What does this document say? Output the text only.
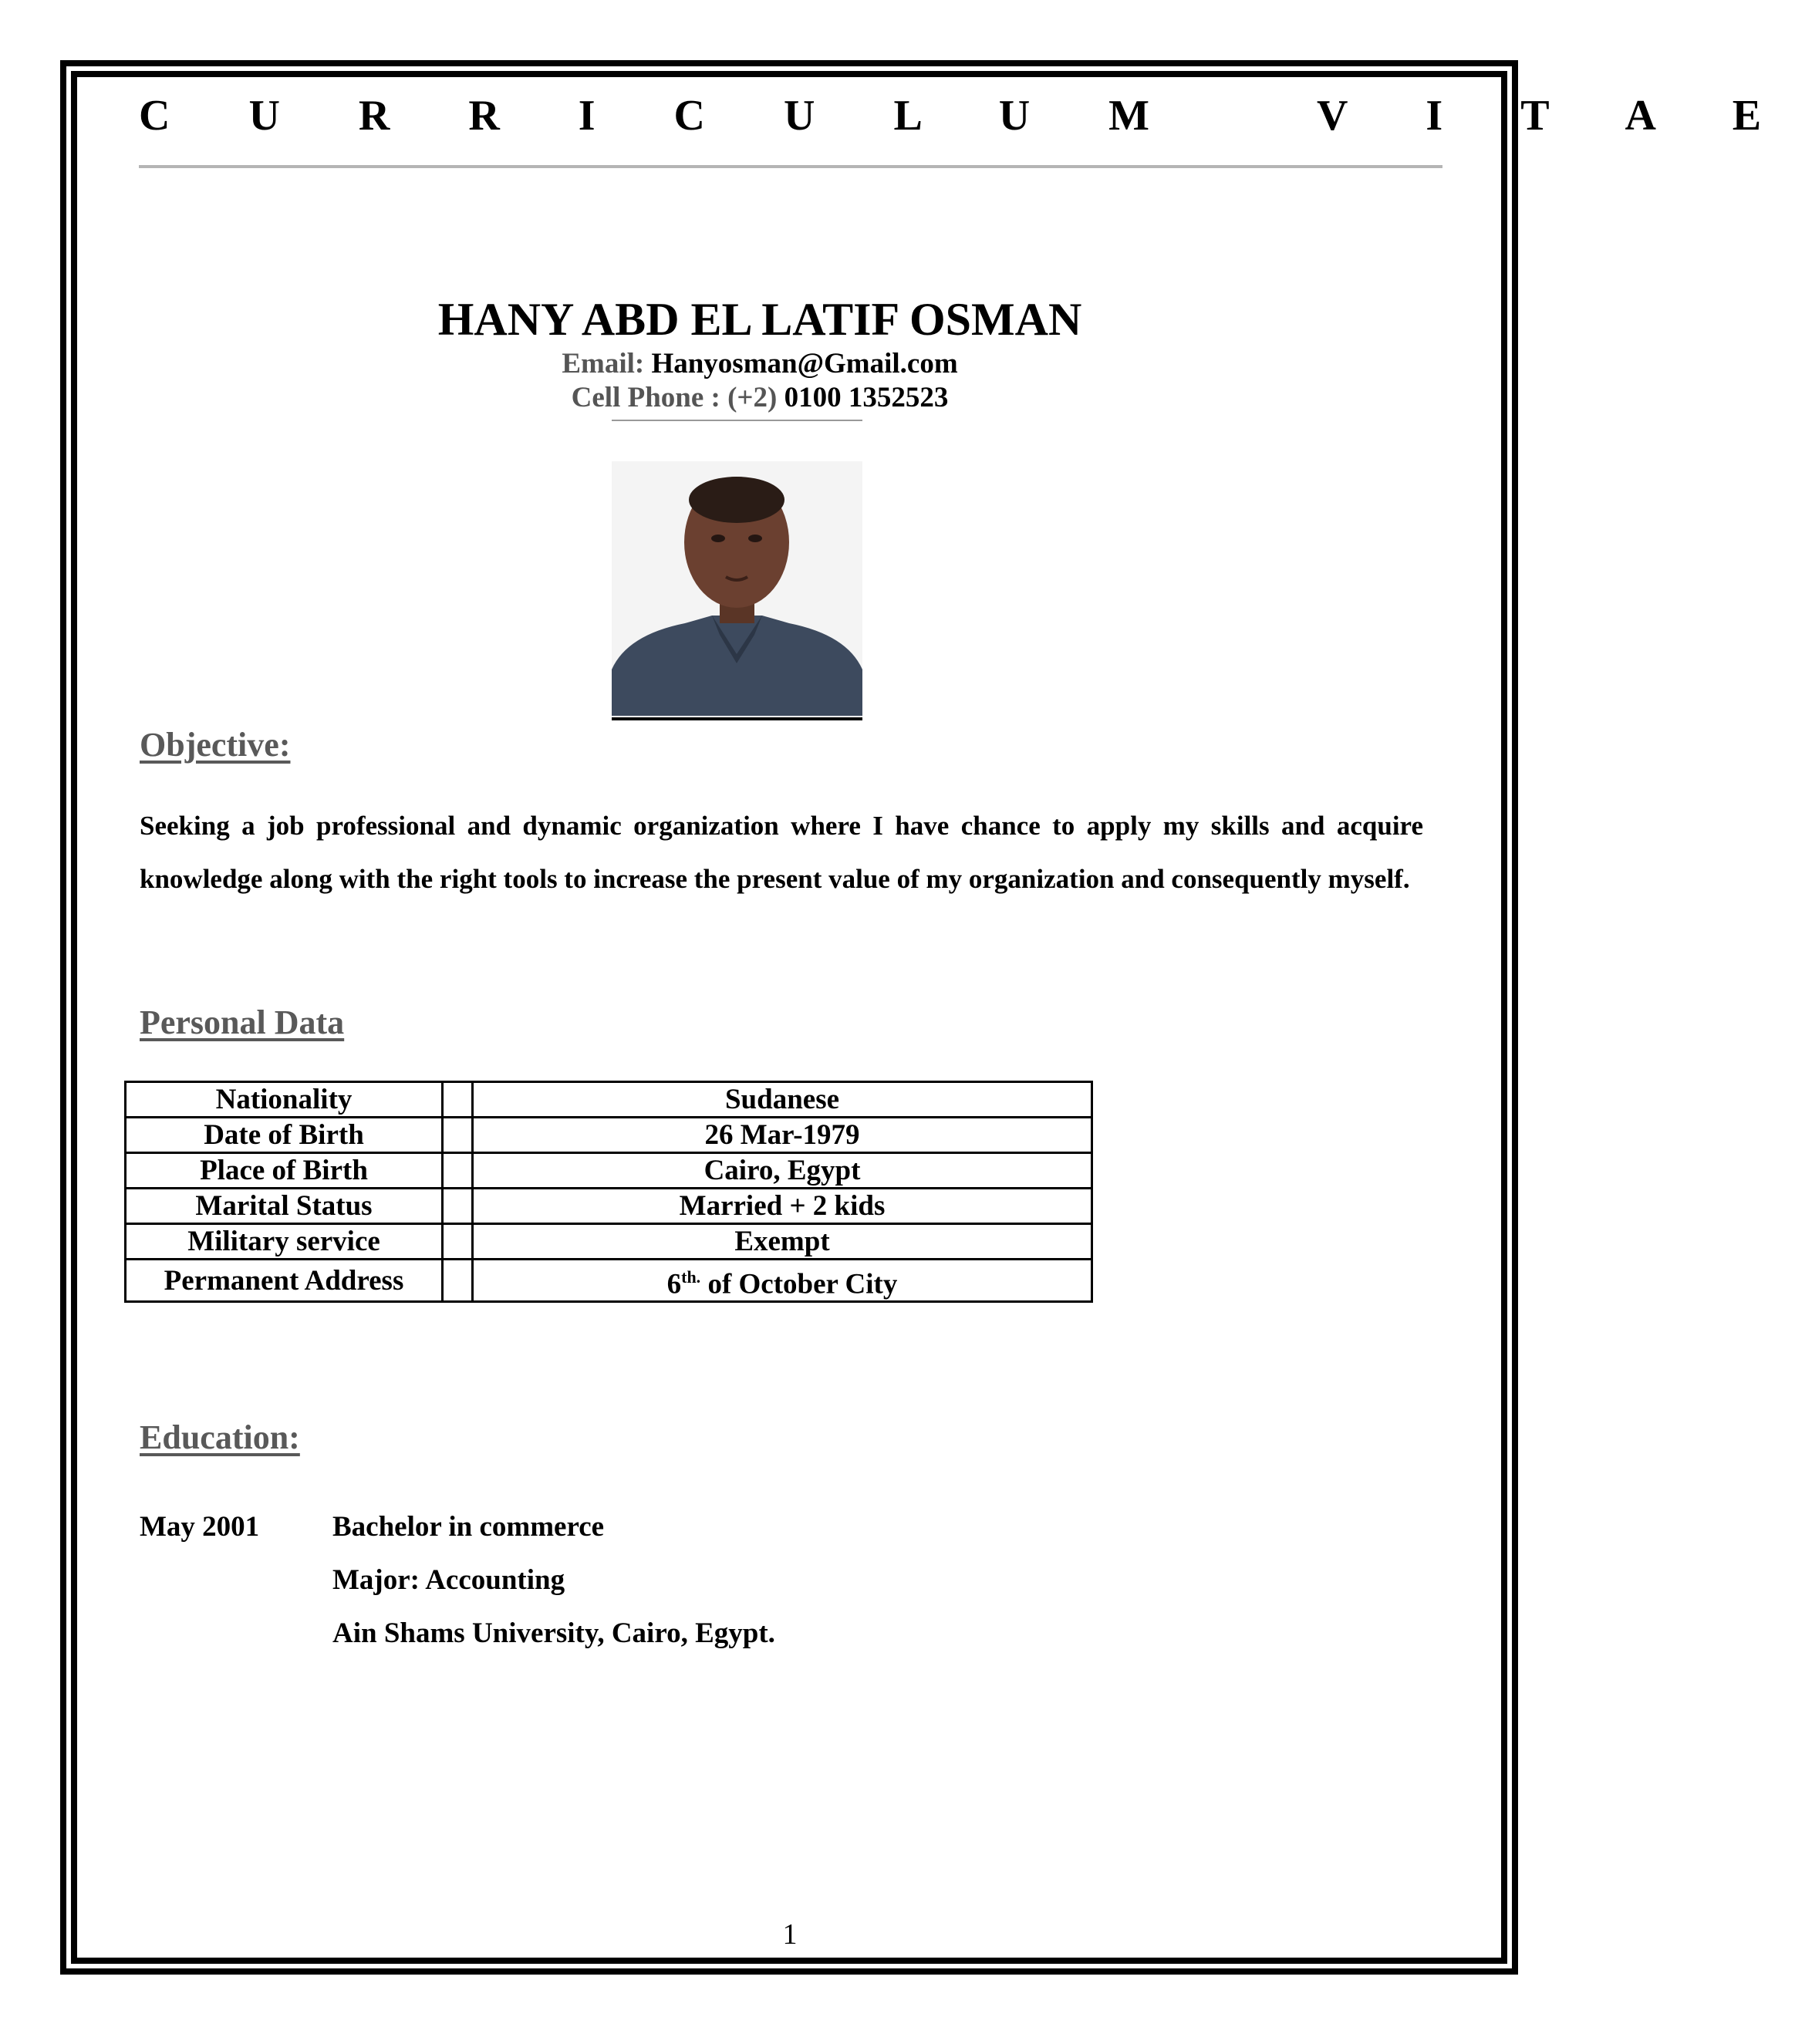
C U R R I C U L U M   V I T A E
HANY ABD EL LATIF OSMAN
Email: Hanyosman@Gmail.com
Cell Phone : (+2) 0100 1352523
Objective:
Seeking a job professional and dynamic organization where I have chance to apply my skills and acquire knowledge along with the right tools to increase the present value of my organization and consequently myself.
Personal Data
Nationality		Sudanese
Date of Birth		26 Mar-1979
Place of Birth		Cairo, Egypt
Marital Status		Married + 2 kids
Military service		Exempt
Permanent Address		$6^{th.}$ of October City
Education:
May 2001	Bachelor in commerce
Major: Accounting
Ain Shams University, Cairo, Egypt.
1
